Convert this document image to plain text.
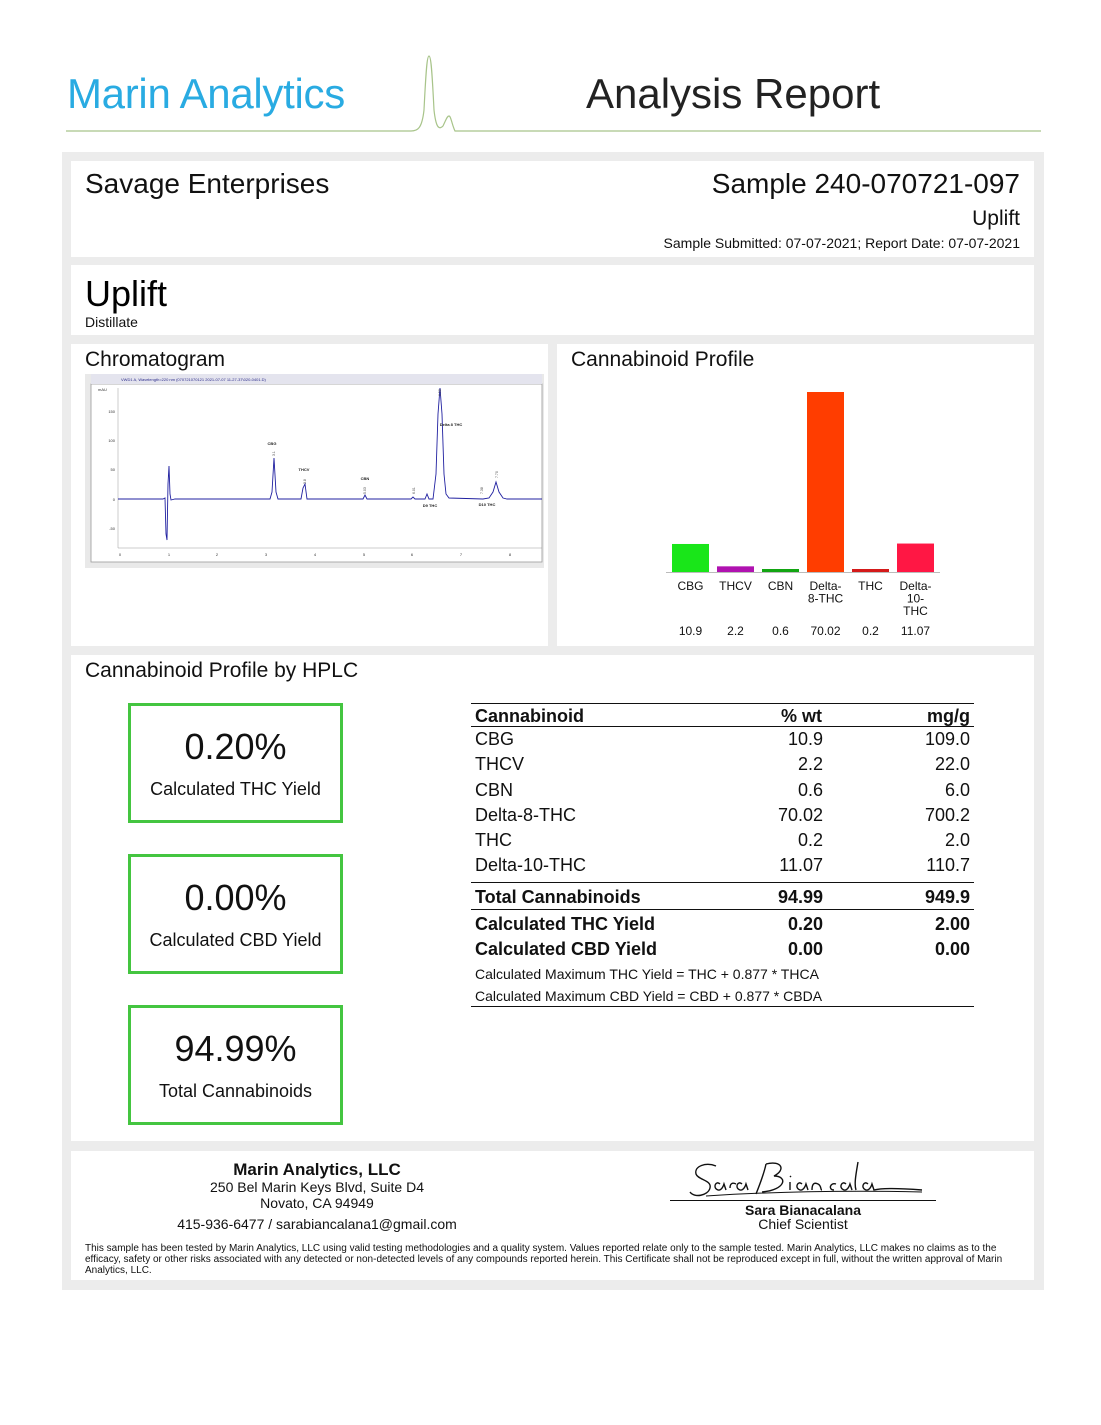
Marin Analytics	Analysis Report
Savage Enterprises	Sample 240-070721-097
Uplift
Sample Submitted: 07-07-2021; Report Date: 07-07-2021
Uplift
Distillate
Chromatogram
VWD1 A, Wavelength=220 nm (070721070121 2021-07-07 11-27-37\020-0401.D)
mAU
150
100
50
0
-50
0	1	2	3	4	5	6	7	8
CBG
THCV
CBN
Delta 8 THC
D9 THC	D10 THC
3.1
3.8
5.03	6.01
6.58
7.38
7.70
Cannabinoid Profile
CBG
10.9
THCV
2.2
CBN
0.6
Delta-
8-THC
70.02
THC
0.2
Delta-
10-
THC
11.07
Cannabinoid Profile by HPLC
0.20%
Calculated THC Yield
0.00%
Calculated CBD Yield
94.99%
Total Cannabinoids
Cannabinoid	% wt	mg/g
CBG	10.9	109.0
THCV	2.2	22.0
CBN	0.6	6.0
Delta-8-THC	70.02	700.2
THC	0.2	2.0
Delta-10-THC	11.07	110.7
Total Cannabinoids	94.99	949.9
Calculated THC Yield	0.20	2.00
Calculated CBD Yield	0.00	0.00
Calculated Maximum THC Yield = THC + 0.877 * THCA
Calculated Maximum CBD Yield = CBD + 0.877 * CBDA
Marin Analytics, LLC
250 Bel Marin Keys Blvd, Suite D4
Novato, CA 94949
415-936-6477 / sarabiancalana1@gmail.com
Sara Bianacalana
Chief Scientist
This sample has been tested by Marin Analytics, LLC using valid testing methodologies and a quality system. Values reported relate only to the sample tested. Marin Analytics, LLC makes no claims as to the efficacy, safety or other risks associated with any detected or non-detected levels of any compounds reported herein. This Certificate shall not be reproduced except in full, without the written approval of Marin Analytics, LLC.
